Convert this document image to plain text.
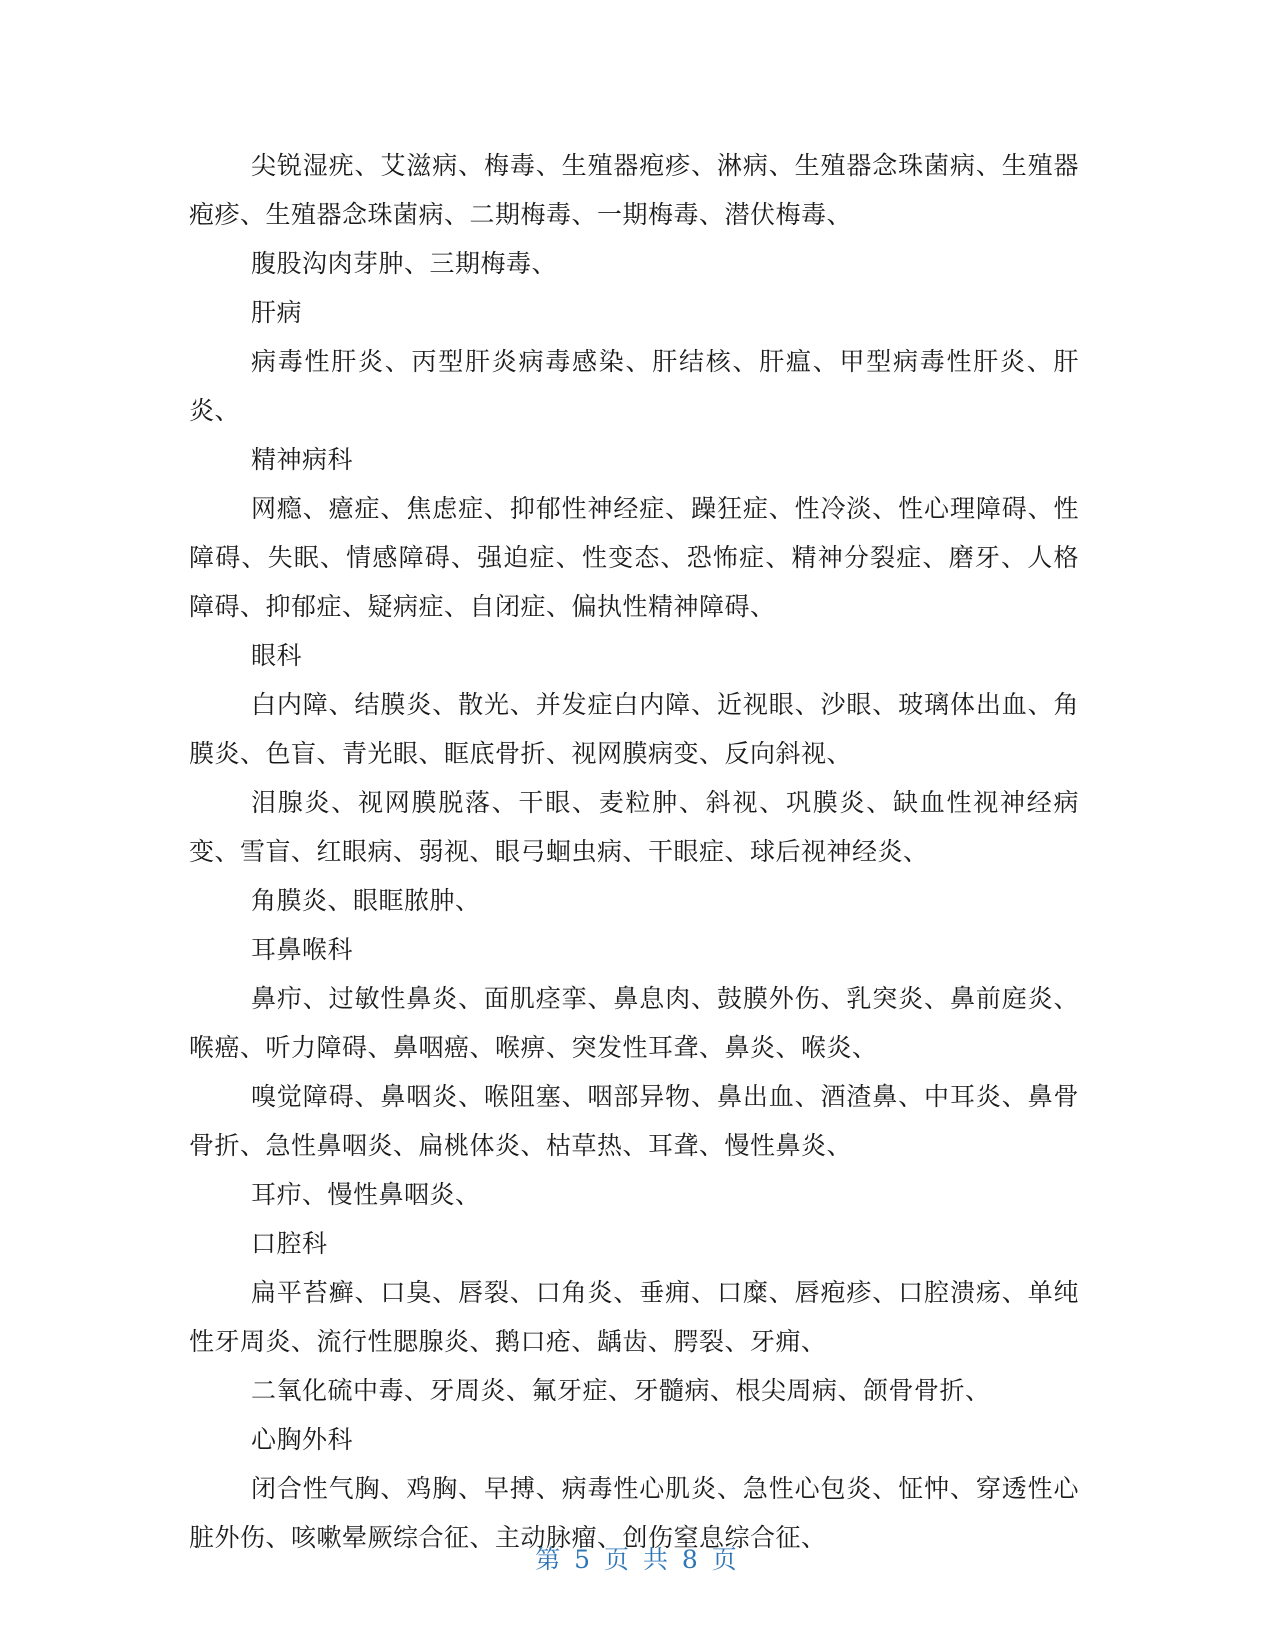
尖锐湿疣、艾滋病、梅毒、生殖器疱疹、淋病、生殖器念珠菌病、生殖器疱疹、生殖器念珠菌病、二期梅毒、一期梅毒、潜伏梅毒、

腹股沟肉芽肿、三期梅毒、

肝病

病毒性肝炎、丙型肝炎病毒感染、肝结核、肝瘟、甲型病毒性肝炎、肝炎、

精神病科

网瘾、癔症、焦虑症、抑郁性神经症、躁狂症、性冷淡、性心理障碍、性障碍、失眠、情感障碍、强迫症、性变态、恐怖症、精神分裂症、磨牙、人格障碍、抑郁症、疑病症、自闭症、偏执性精神障碍、

眼科

白内障、结膜炎、散光、并发症白内障、近视眼、沙眼、玻璃体出血、角膜炎、色盲、青光眼、眶底骨折、视网膜病变、反向斜视、

泪腺炎、视网膜脱落、干眼、麦粒肿、斜视、巩膜炎、缺血性视神经病变、雪盲、红眼病、弱视、眼弓蛔虫病、干眼症、球后视神经炎、

角膜炎、眼眶脓肿、

耳鼻喉科

鼻疖、过敏性鼻炎、面肌痉挛、鼻息肉、鼓膜外伤、乳突炎、鼻前庭炎、喉癌、听力障碍、鼻咽癌、喉痹、突发性耳聋、鼻炎、喉炎、

嗅觉障碍、鼻咽炎、喉阻塞、咽部异物、鼻出血、酒渣鼻、中耳炎、鼻骨骨折、急性鼻咽炎、扁桃体炎、枯草热、耳聋、慢性鼻炎、

耳疖、慢性鼻咽炎、

口腔科

扁平苔癣、口臭、唇裂、口角炎、垂痈、口糜、唇疱疹、口腔溃疡、单纯性牙周炎、流行性腮腺炎、鹅口疮、龋齿、腭裂、牙痈、

二氧化硫中毒、牙周炎、氟牙症、牙髓病、根尖周病、颌骨骨折、

心胸外科

闭合性气胸、鸡胸、早搏、病毒性心肌炎、急性心包炎、怔忡、穿透性心脏外伤、咳嗽晕厥综合征、主动脉瘤、创伤窒息综合征、

第 5 页 共 8 页
